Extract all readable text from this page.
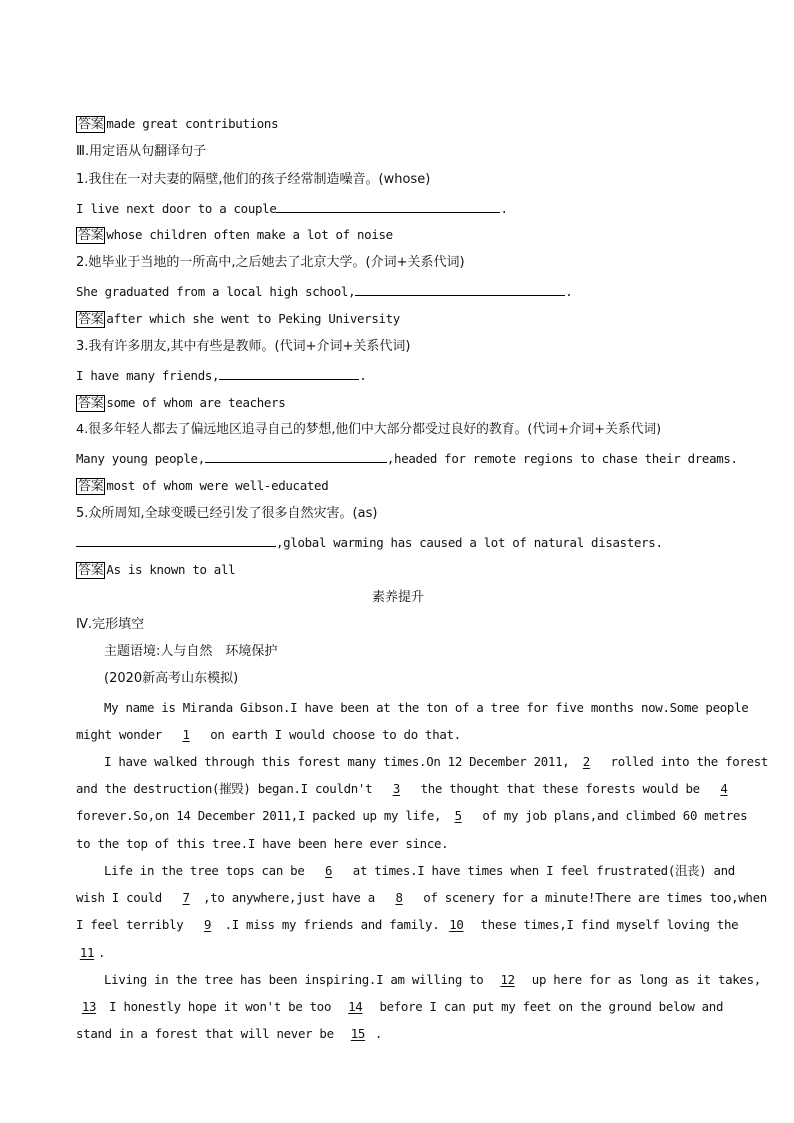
答案 made great contributions
Ⅲ.用定语从句翻译句子
1.我住在一对夫妻的隔壁,他们的孩子经常制造噪音。(whose)
I live next door to a couple	.
答案 whose children often make a lot of noise
2.她毕业于当地的一所高中,之后她去了北京大学。(介词+关系代词)
She graduated from a local high school,	.
答案 after which she went to Peking University
3.我有许多朋友,其中有些是教师。(代词+介词+关系代词)
I have many friends,	.
答案 some of whom are teachers
4.很多年轻人都去了偏远地区追寻自己的梦想,他们中大部分都受过良好的教育。(代词+介词+关系代词)
Many young people,	,headed for remote regions to chase their dreams.
答案 most of whom were well-educated
5.众所周知,全球变暖已经引发了很多自然灾害。(as)
,global warming has caused a lot of natural disasters.
答案 As is known to all
素养提升
Ⅳ.完形填空
主题语境:人与自然　环境保护
(2020新高考山东模拟)
My name is Miranda Gibson.I have been at the ton of a tree for five months now.Some people
might wonder 1 on earth I would choose to do that.
I have walked through this forest many times.On 12 December 2011, 2 rolled into the forest
and the destruction(摧毁) began.I couldn't 3 the thought that these forests would be 4
forever.So,on 14 December 2011,I packed up my life, 5 of my job plans,and climbed 60 metres
to the top of this tree.I have been here ever since.
Life in the tree tops can be 6 at times.I have times when I feel frustrated(沮丧) and
wish I could 7 ,to anywhere,just have a 8 of scenery for a minute!There are times too,when
I feel terribly 9 .I miss my friends and family. 10 these times,I find myself loving the
11 .
Living in the tree has been inspiring.I am willing to 12 up here for as long as it takes,
13 I honestly hope it won't be too 14 before I can put my feet on the ground below and
stand in a forest that will never be 15 .
